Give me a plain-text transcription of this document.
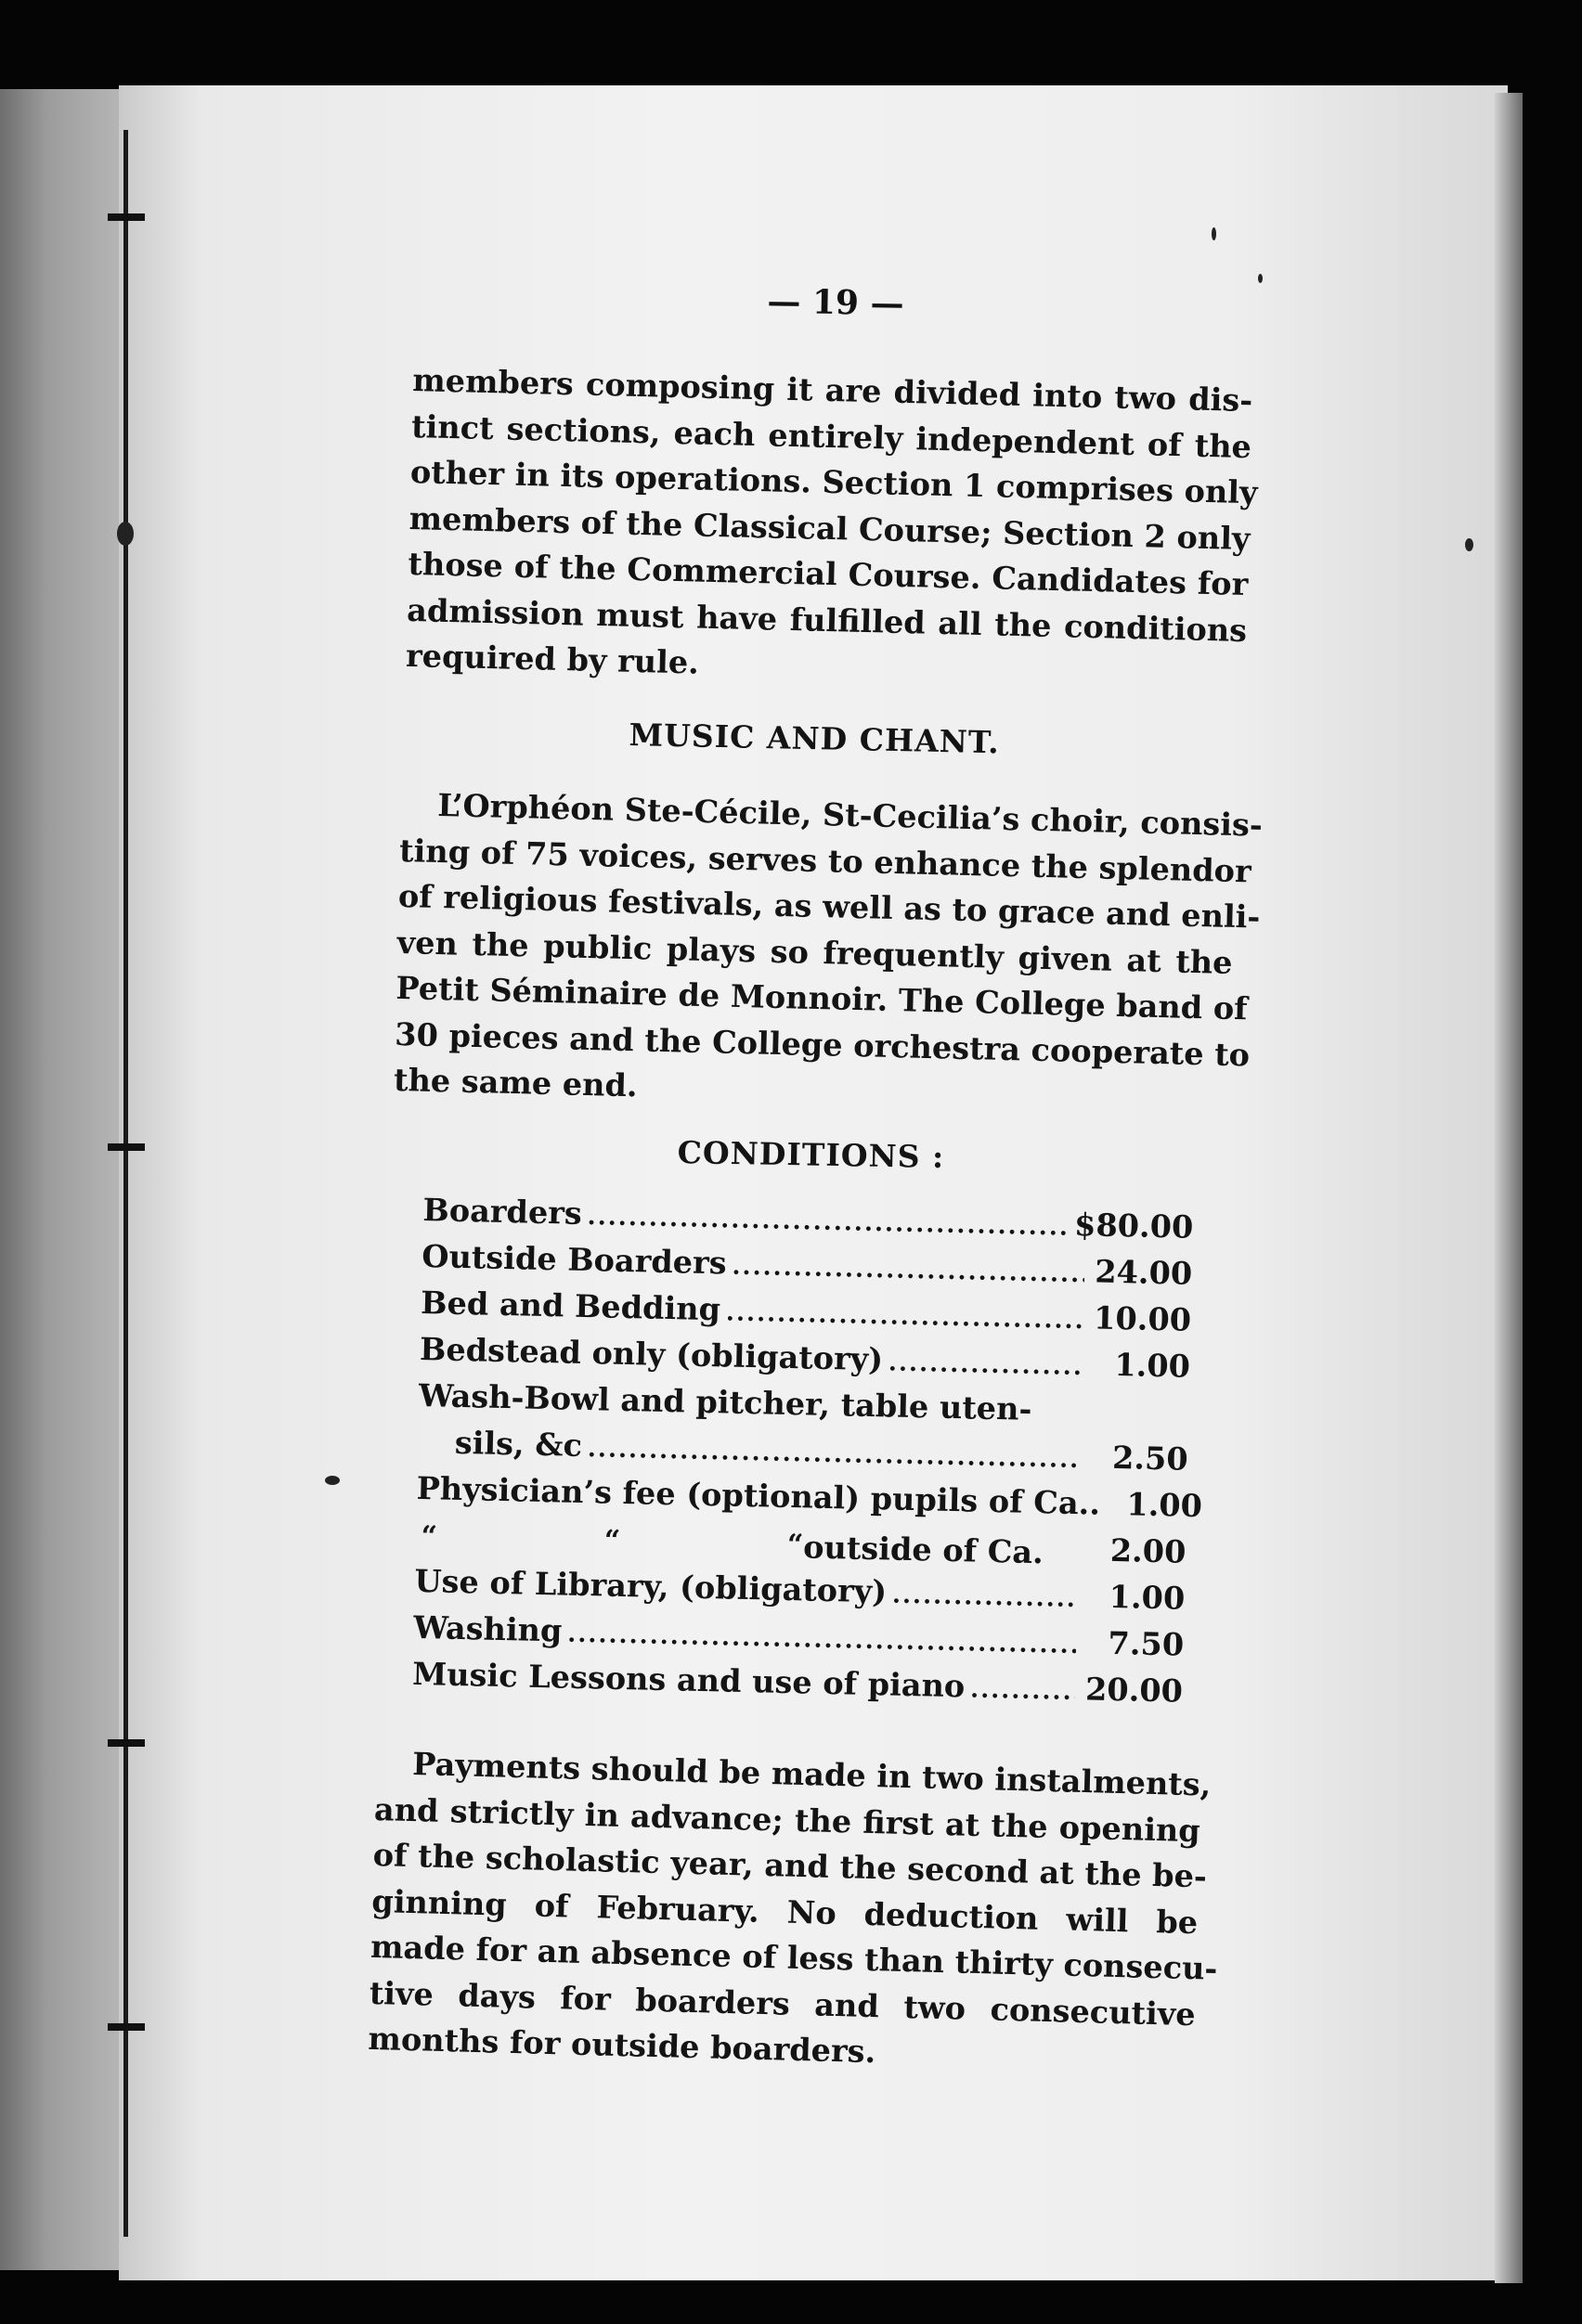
— 19 —
members composing it are divided into two dis-
tinct sections, each entirely independent of the
other in its operations. Section 1 comprises only
members of the Classical Course; Section 2 only
those of the Commercial Course. Candidates for
admission must have fulfilled all the conditions
required by rule.
MUSIC AND CHANT.
L’Orphéon Ste-Cécile, St-Cecilia’s choir, consis-
ting of 75 voices, serves to enhance the splendor
of religious festivals, as well as to grace and enli-
ven the public plays so frequently given at the
Petit Séminaire de Monnoir. The College band of
30 pieces and the College orchestra cooperate to
the same end.
CONDITIONS :
Boarders .....	$80.00
Outside Boarders .....	24.00
Bed and Bedding .....	10.00
Bedstead only (obligatory) .....	1.00
Wash-Bowl and pitcher, table uten-
sils, &c .....	2.50
Physician’s fee (optional) pupils of Ca.. 1.00
“	“	“ outside of Ca.	2.00
Use of Library, (obligatory) .....	1.00
Washing .....	7.50
Music Lessons and use of piano .....	20.00
Payments should be made in two instalments,
and strictly in advance; the first at the opening
of the scholastic year, and the second at the be-
ginning of February. No deduction will be
made for an absence of less than thirty consecu-
tive days for boarders and two consecutive
months for outside boarders.
